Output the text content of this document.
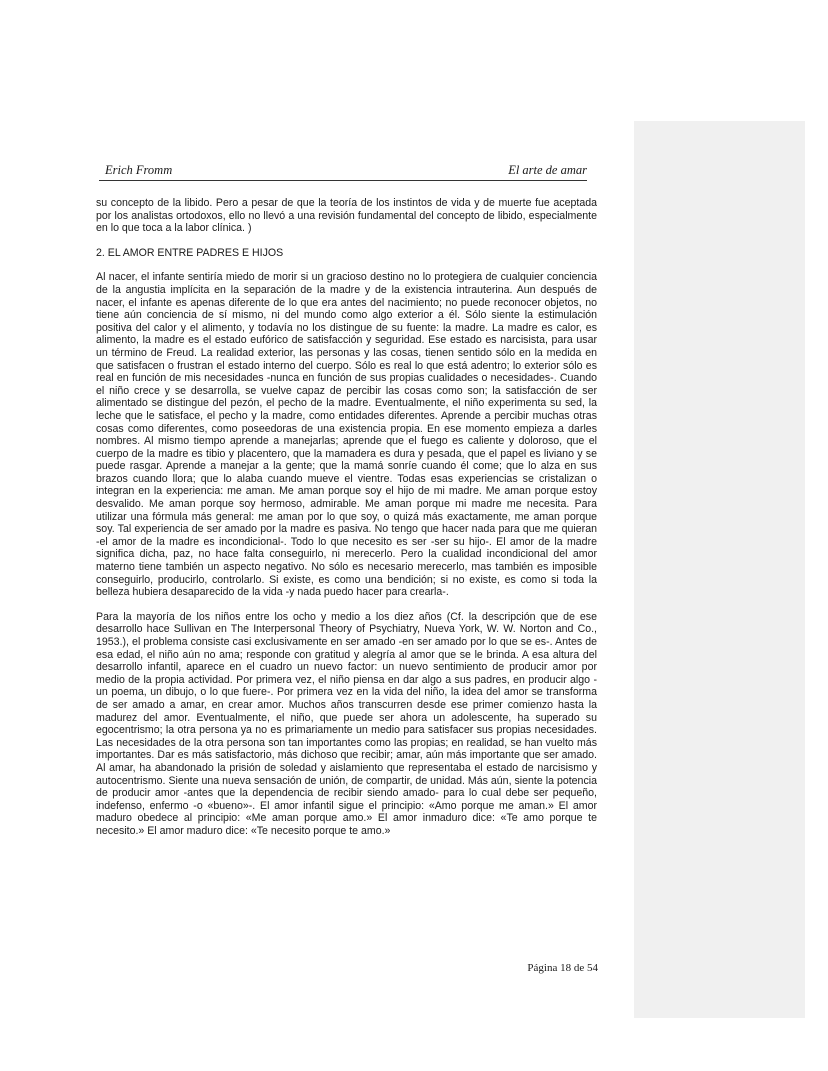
Erich Fromm	El arte de amar

su concepto de la libido. Pero a pesar de que la teoría de los instintos de vida y de muerte fue aceptada por los analistas ortodoxos, ello no llevó a una revisión fundamental del concepto de libido, especialmente en lo que toca a la labor clínica. )

2. EL AMOR ENTRE PADRES E HIJOS

Al nacer, el infante sentiría miedo de morir si un gracioso destino no lo protegiera de cualquier conciencia de la angustia implícita en la separación de la madre y de la existencia intrauterina. Aun después de nacer, el infante es apenas diferente de lo que era antes del nacimiento; no puede reconocer objetos, no tiene aún conciencia de sí mismo, ni del mundo como algo exterior a él. Sólo siente la estimulación positiva del calor y el alimento, y todavía no los distingue de su fuente: la madre. La madre es calor, es alimento, la madre es el estado eufórico de satisfacción y seguridad. Ese estado es narcisista, para usar un término de Freud. La realidad exterior, las personas y las cosas, tienen sentido sólo en la medida en que satisfacen o frustran el estado interno del cuerpo. Sólo es real lo que está adentro; lo exterior sólo es real en función de mis necesidades -nunca en función de sus propias cualidades o necesidades-. Cuando el niño crece y se desarrolla, se vuelve capaz de percibir las cosas como son; la satisfacción de ser alimentado se distingue del pezón, el pecho de la madre. Eventualmente, el niño experimenta su sed, la leche que le satisface, el pecho y la madre, como entidades diferentes. Aprende a percibir muchas otras cosas como diferentes, como poseedoras de una existencia propia. En ese momento empieza a darles nombres. Al mismo tiempo aprende a manejarlas; aprende que el fuego es caliente y doloroso, que el cuerpo de la madre es tibio y placentero, que la mamadera es dura y pesada, que el papel es liviano y se puede rasgar. Aprende a manejar a la gente; que la mamá sonríe cuando él come; que lo alza en sus brazos cuando llora; que lo alaba cuando mueve el vientre. Todas esas experiencias se cristalizan o integran en la experiencia: me aman. Me aman porque soy el hijo de mi madre. Me aman porque estoy desvalido. Me aman porque soy hermoso, admirable. Me aman porque mi madre me necesita. Para utilizar una fórmula más general: me aman por lo que soy, o quizá más exactamente, me aman porque soy. Tal experiencia de ser amado por la madre es pasiva. No tengo que hacer nada para que me quieran -el amor de la madre es incondicional-. Todo lo que necesito es ser -ser su hijo-. El amor de la madre significa dicha, paz, no hace falta conseguirlo, ni merecerlo. Pero la cualidad incondicional del amor materno tiene también un aspecto negativo. No sólo es necesario merecerlo, mas también es imposible conseguirlo, producirlo, controlarlo. Si existe, es como una bendición; si no existe, es como si toda la belleza hubiera desaparecido de la vida -y nada puedo hacer para crearla-.

Para la mayoría de los niños entre los ocho y medio a los diez años (Cf. la descripción que de ese desarrollo hace Sullivan en The Interpersonal Theory of Psychiatry, Nueva York, W. W. Norton and Co., 1953.), el problema consiste casi exclusivamente en ser amado -en ser amado por lo que se es-. Antes de esa edad, el niño aún no ama; responde con gratitud y alegría al amor que se le brinda. A esa altura del desarrollo infantil, aparece en el cuadro un nuevo factor: un nuevo sentimiento de producir amor por medio de la propia actividad. Por primera vez, el niño piensa en dar algo a sus padres, en producir algo -un poema, un dibujo, o lo que fuere-. Por primera vez en la vida del niño, la idea del amor se transforma de ser amado a amar, en crear amor. Muchos años transcurren desde ese primer comienzo hasta la madurez del amor. Eventualmente, el niño, que puede ser ahora un adolescente, ha superado su egocentrismo; la otra persona ya no es primariamente un medio para satisfacer sus propias necesidades. Las necesidades de la otra persona son tan importantes como las propias; en realidad, se han vuelto más importantes. Dar es más satisfactorio, más dichoso que recibir; amar, aún más importante que ser amado. Al amar, ha abandonado la prisión de soledad y aislamiento que representaba el estado de narcisismo y autocentrismo. Siente una nueva sensación de unión, de compartir, de unidad. Más aún, siente la potencia de producir amor -antes que la dependencia de recibir siendo amado- para lo cual debe ser pequeño, indefenso, enfermo -o «bueno»-. El amor infantil sigue el principio: «Amo porque me aman.» El amor maduro obedece al principio: «Me aman porque amo.» El amor inmaduro dice: «Te amo porque te necesito.» El amor maduro dice: «Te necesito porque te amo.»

Página 18 de 54
